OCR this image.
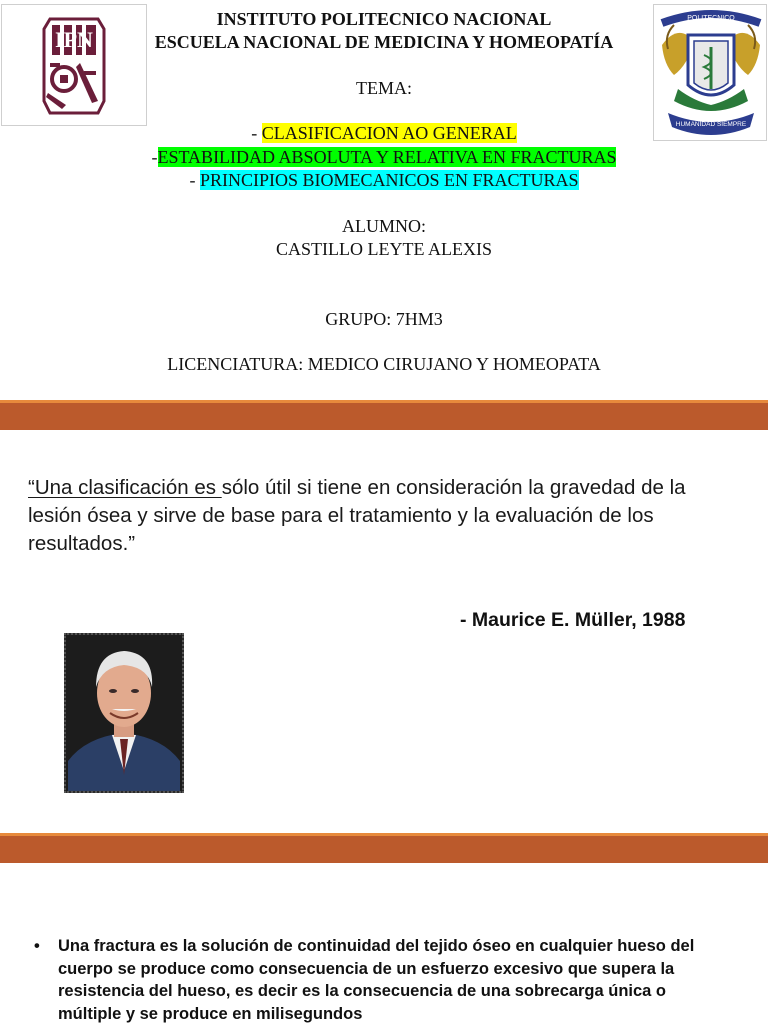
IPN
POLITECNICO
HUMANIDAD SIEMPRE
INSTITUTO POLITECNICO NACIONAL
ESCUELA NACIONAL DE MEDICINA Y HOMEOPATÍA
TEMA:
- CLASIFICACION AO GENERAL
-ESTABILIDAD ABSOLUTA Y RELATIVA EN FRACTURAS
- PRINCIPIOS BIOMECANICOS EN FRACTURAS
ALUMNO:
CASTILLO LEYTE ALEXIS
GRUPO: 7HM3
LICENCIATURA: MEDICO CIRUJANO Y HOMEOPATA
“Una clasificación es sólo útil si tiene en consideración la gravedad de la lesión ósea y sirve de base para el tratamiento y la evaluación de los resultados.”
- Maurice E. Müller, 1988
• Una fractura es la solución de continuidad del tejido óseo en cualquier hueso del cuerpo se produce como consecuencia de un esfuerzo excesivo que supera la resistencia del hueso, es decir es la consecuencia de una sobrecarga única o múltiple y se produce en milisegundos
